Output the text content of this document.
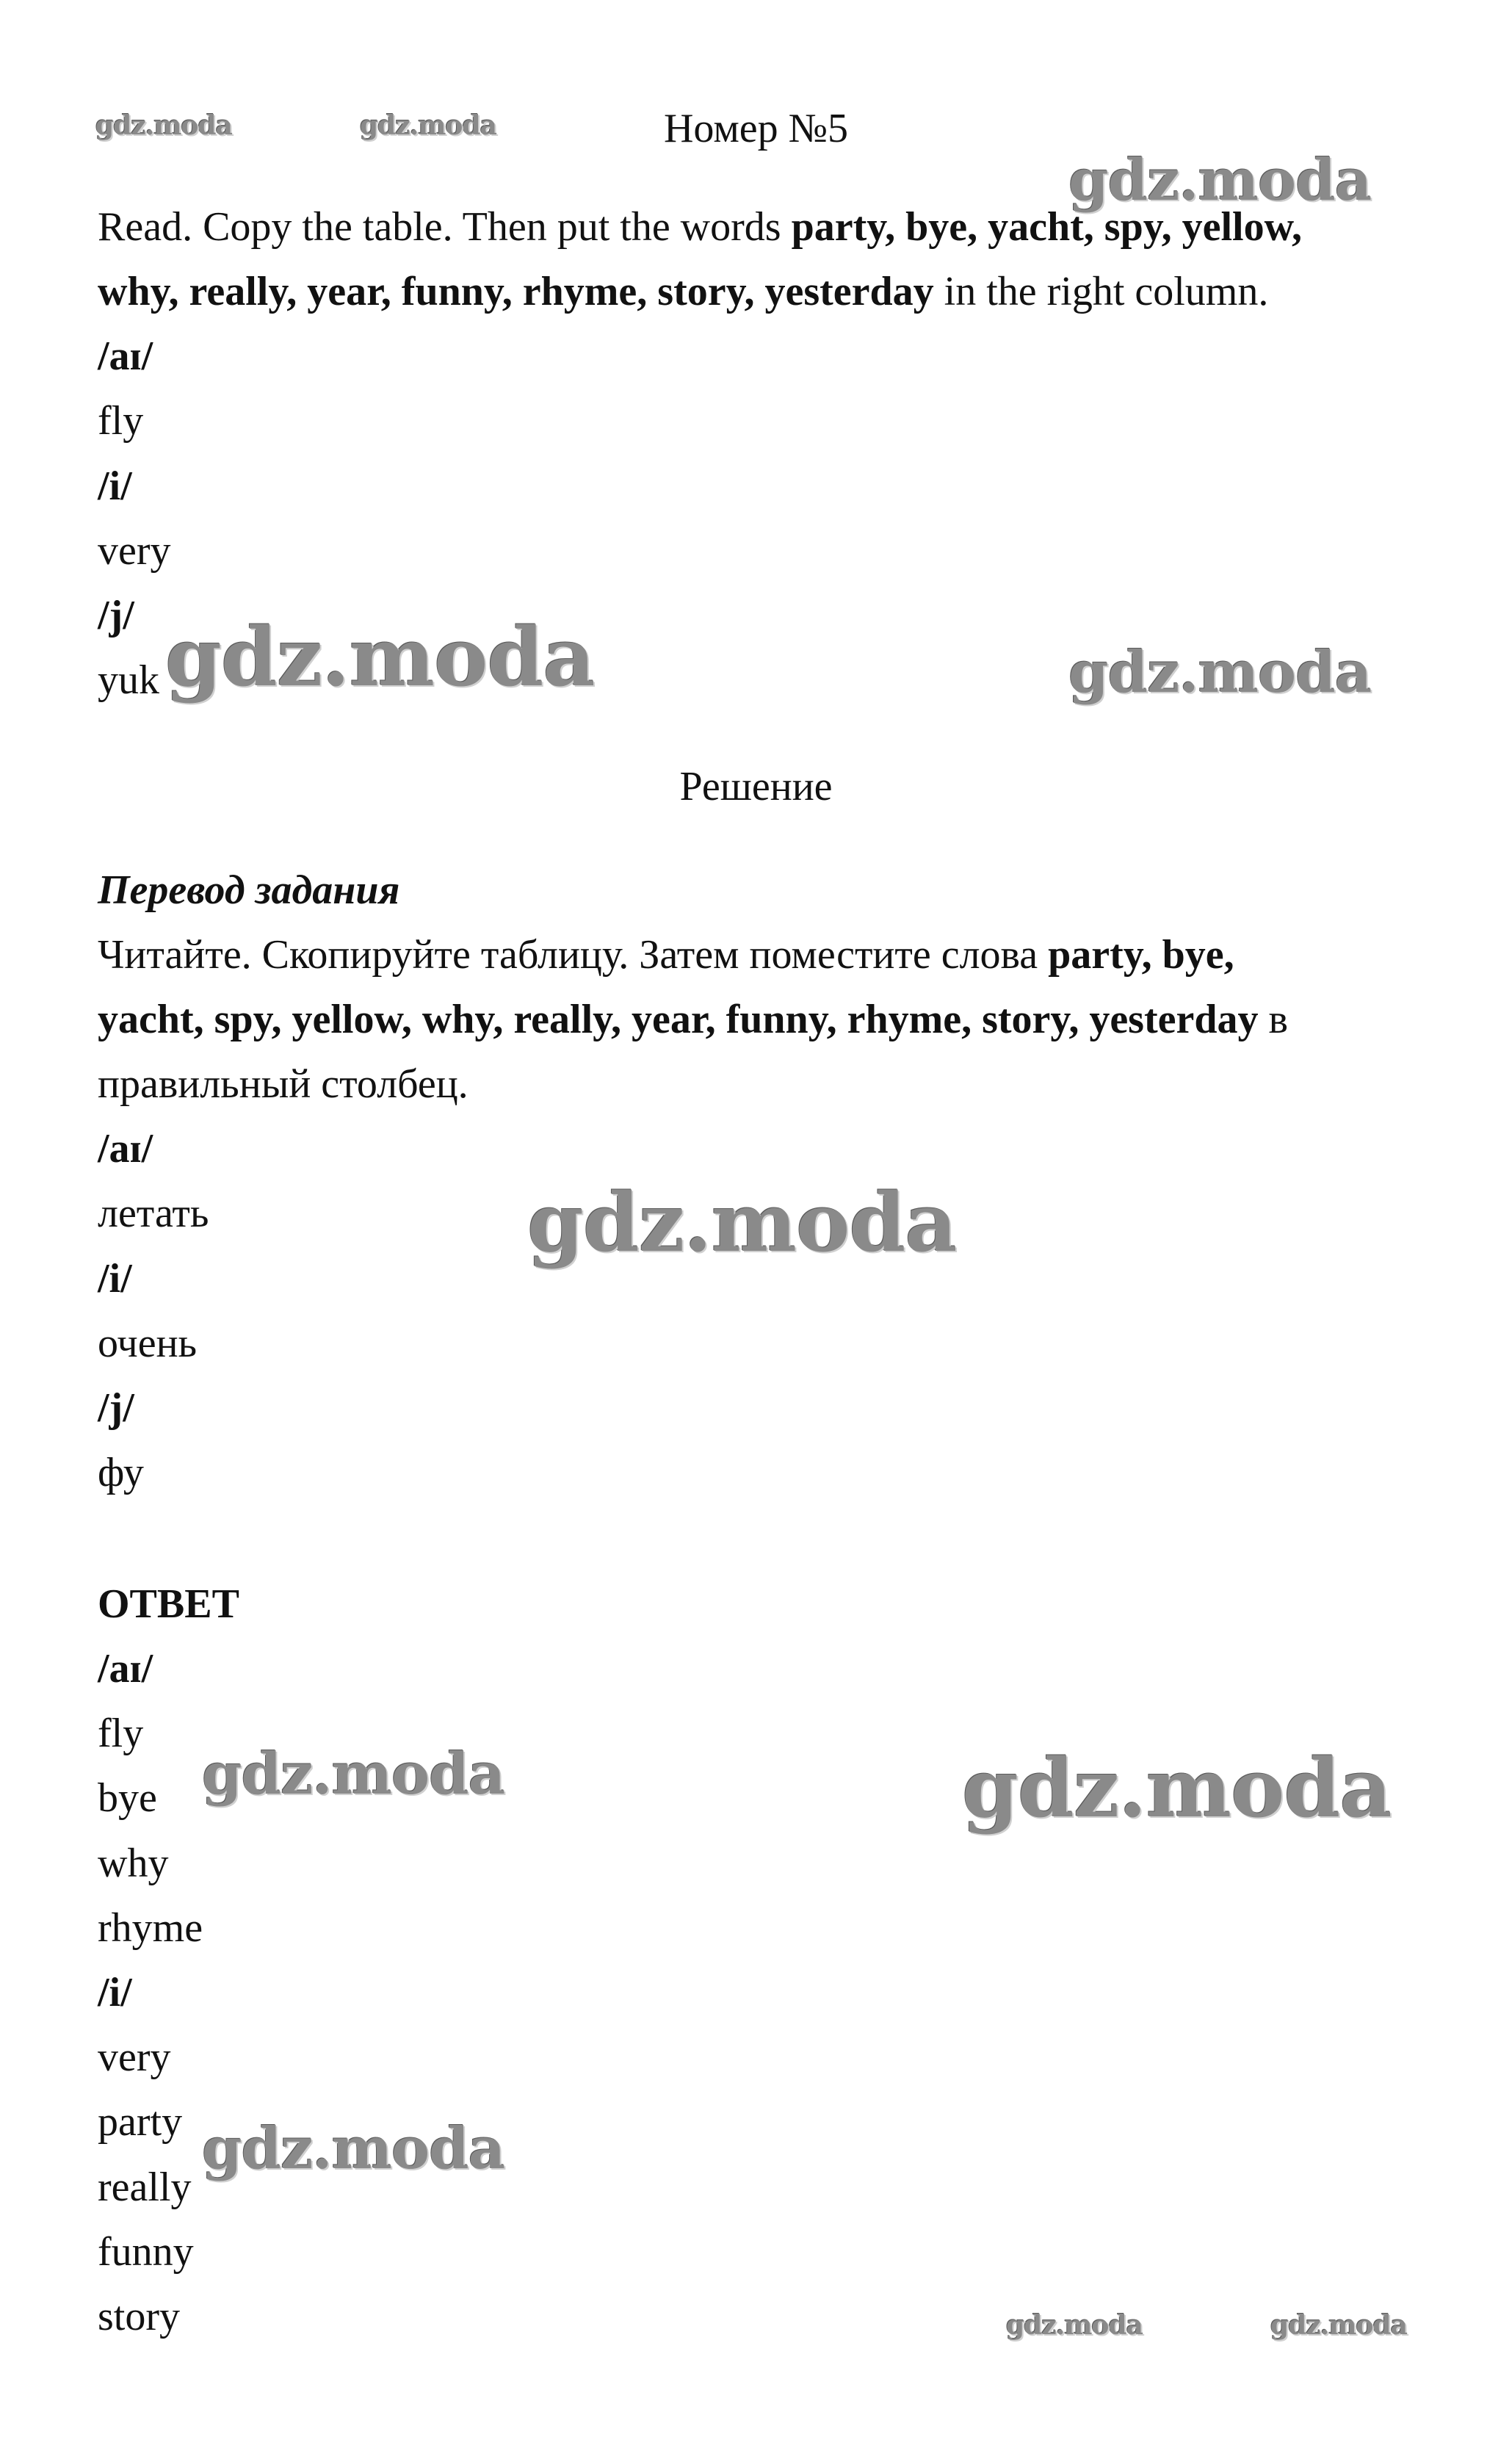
Номер №5
Read. Copy the table. Then put the words party, bye, yacht, spy, yellow,
why, really, year, funny, rhyme, story, yesterday in the right column.
/aɪ/
fly
/i/
very
/j/
yuk
Решение
Перевод задания
Читайте. Скопируйте таблицу. Затем поместите слова party, bye,
yacht, spy, yellow, why, really, year, funny, rhyme, story, yesterday в
правильный столбец.
/aɪ/
летать
/i/
очень
/j/
фу
ОТВЕТ
/aɪ/
fly
bye
why
rhyme
/i/
very
party
really
funny
story
gdz.moda	gdz.moda
gdz.moda
gdz.moda	gdz.moda
gdz.moda
gdz.moda	gdz.moda
gdz.moda
gdz.moda	gdz.moda
